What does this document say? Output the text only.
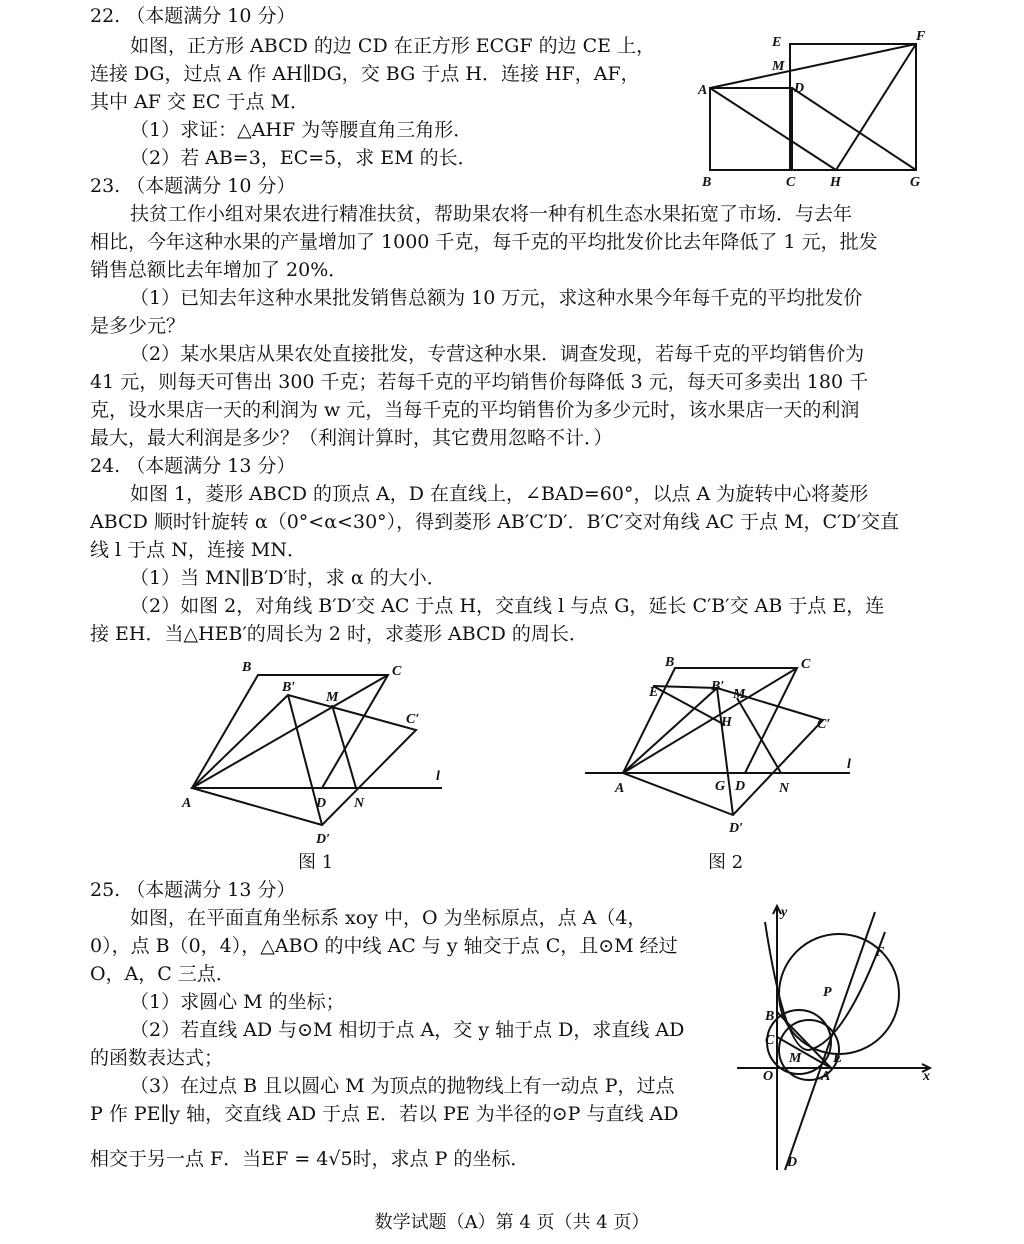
22. （本题满分 10 分）
如图，正方形 ABCD 的边 CD 在正方形 ECGF 的边 CE 上，
连接 DG，过点 A 作 AH∥DG，交 BG 于点 H．连接 HF，AF，
其中 AF 交 EC 于点 M．
（1）求证：△AHF 为等腰直角三角形．
（2）若 AB=3，EC=5，求 EM 的长．
E	F
M
A	D
B	C H	G
23. （本题满分 10 分）
扶贫工作小组对果农进行精准扶贫，帮助果农将一种有机生态水果拓宽了市场．与去年
相比，今年这种水果的产量增加了 1000 千克，每千克的平均批发价比去年降低了 1 元，批发
销售总额比去年增加了 20%．
（1）已知去年这种水果批发销售总额为 10 万元，求这种水果今年每千克的平均批发价
是多少元？
（2）某水果店从果农处直接批发，专营这种水果．调查发现，若每千克的平均销售价为
41 元，则每天可售出 300 千克；若每千克的平均销售价每降低 3 元，每天可多卖出 180 千
克，设水果店一天的利润为 w 元，当每千克的平均销售价为多少元时，该水果店一天的利润
最大，最大利润是多少？（利润计算时，其它费用忽略不计．）
24. （本题满分 13 分）
如图 1，菱形 ABCD 的顶点 A，D 在直线上，∠BAD=60°，以点 A 为旋转中心将菱形
ABCD 顺时针旋转 α（0°<α<30°），得到菱形 AB′C′D′．B′C′交对角线 AC 于点 M，C′D′交直
线 l 于点 N，连接 MN．
（1）当 MN∥B′D′时，求 α 的大小．
（2）如图 2，对角线 B′D′交 AC 于点 H，交直线 l 与点 G，延长 C′B′交 AB 于点 E，连
接 EH．当△HEB′的周长为 2 时，求菱形 ABCD 的周长．
B	C
B′
M
C′
l
A	D N
D′
图 1
B	C
E	B′
M
H	C′
l
A	G D N
D′
图 2
25. （本题满分 13 分）
如图，在平面直角坐标系 xoy 中，O 为坐标原点，点 A（4，
0），点 B（0，4），△ABO 的中线 AC 与 y 轴交于点 C，且⊙M 经过
O，A，C 三点．
（1）求圆心 M 的坐标；
（2）若直线 AD 与⊙M 相切于点 A，交 y 轴于点 D，求直线 AD
的函数表达式；
（3）在过点 B 且以圆心 M 为顶点的抛物线上有一动点 P，过点
P 作 PE∥y 轴，交直线 AD 于点 E．若以 PE 为半径的⊙P 与直线 AD
相交于另一点 F．当EF = 4√5时，求点 P 的坐标．
y
F
P
B
C
M
O	A
E
x
D
数学试题（A）第 4 页（共 4 页）
